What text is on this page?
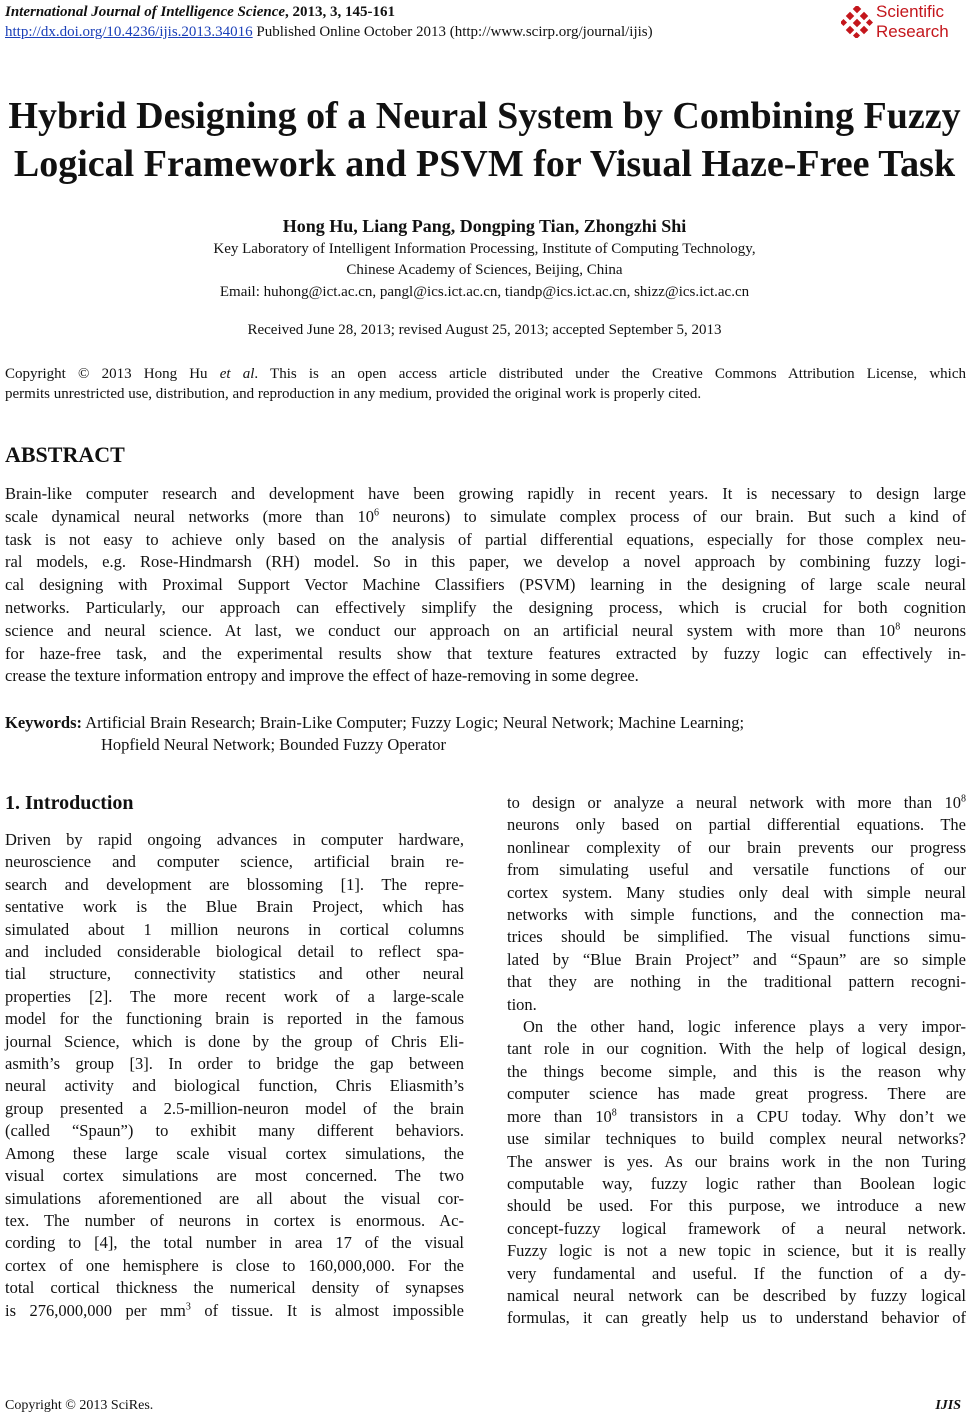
International Journal of Intelligence Science, 2013, 3, 145-161
http://dx.doi.org/10.4236/ijis.2013.34016 Published Online October 2013 (http://www.scirp.org/journal/ijis)
Scientific
Research
Hybrid Designing of a Neural System by Combining Fuzzy
Logical Framework and PSVM for Visual Haze-Free Task
Hong Hu, Liang Pang, Dongping Tian, Zhongzhi Shi
Key Laboratory of Intelligent Information Processing, Institute of Computing Technology,
Chinese Academy of Sciences, Beijing, China
Email: huhong@ict.ac.cn, pangl@ics.ict.ac.cn, tiandp@ics.ict.ac.cn, shizz@ics.ict.ac.cn
Received June 28, 2013; revised August 25, 2013; accepted September 5, 2013
Copyright © 2013 Hong Hu et al. This is an open access article distributed under the Creative Commons Attribution License, which
permits unrestricted use, distribution, and reproduction in any medium, provided the original work is properly cited.
ABSTRACT
Brain-like computer research and development have been growing rapidly in recent years. It is necessary to design large
scale dynamical neural networks (more than $10^6$ neurons) to simulate complex process of our brain. But such a kind of
task is not easy to achieve only based on the analysis of partial differential equations, especially for those complex neu-
ral models, e.g. Rose-Hindmarsh (RH) model. So in this paper, we develop a novel approach by combining fuzzy logi-
cal designing with Proximal Support Vector Machine Classifiers (PSVM) learning in the designing of large scale neural
networks. Particularly, our approach can effectively simplify the designing process, which is crucial for both cognition
science and neural science. At last, we conduct our approach on an artificial neural system with more than $10^8$ neurons
for haze-free task, and the experimental results show that texture features extracted by fuzzy logic can effectively in-
crease the texture information entropy and improve the effect of haze-removing in some degree.
Keywords: Artificial Brain Research; Brain-Like Computer; Fuzzy Logic; Neural Network; Machine Learning;
Hopfield Neural Network; Bounded Fuzzy Operator
1. Introduction
Driven by rapid ongoing advances in computer hardware,
neuroscience and computer science, artificial brain re-
search and development are blossoming [1]. The repre-
sentative work is the Blue Brain Project, which has
simulated about 1 million neurons in cortical columns
and included considerable biological detail to reflect spa-
tial structure, connectivity statistics and other neural
properties [2]. The more recent work of a large-scale
model for the functioning brain is reported in the famous
journal Science, which is done by the group of Chris Eli-
asmith’s group [3]. In order to bridge the gap between
neural activity and biological function, Chris Eliasmith’s
group presented a 2.5-million-neuron model of the brain
(called “Spaun”) to exhibit many different behaviors.
Among these large scale visual cortex simulations, the
visual cortex simulations are most concerned. The two
simulations aforementioned are all about the visual cor-
tex. The number of neurons in cortex is enormous. Ac-
cording to [4], the total number in area 17 of the visual
cortex of one hemisphere is close to 160,000,000. For the
total cortical thickness the numerical density of synapses
is 276,000,000 per $mm^3$ of tissue. It is almost impossible
to design or analyze a neural network with more than $10^8$
neurons only based on partial differential equations. The
nonlinear complexity of our brain prevents our progress
from simulating useful and versatile functions of our
cortex system. Many studies only deal with simple neural
networks with simple functions, and the connection ma-
trices should be simplified. The visual functions simu-
lated by “Blue Brain Project” and “Spaun” are so simple
that they are nothing in the traditional pattern recogni-
tion.
On the other hand, logic inference plays a very impor-
tant role in our cognition. With the help of logical design,
the things become simple, and this is the reason why
computer science has made great progress. There are
more than $10^8$ transistors in a CPU today. Why don’t we
use similar techniques to build complex neural networks?
The answer is yes. As our brains work in the non Turing
computable way, fuzzy logic rather than Boolean logic
should be used. For this purpose, we introduce a new
concept-fuzzy logical framework of a neural network.
Fuzzy logic is not a new topic in science, but it is really
very fundamental and useful. If the function of a dy-
namical neural network can be described by fuzzy logical
formulas, it can greatly help us to understand behavior of
Copyright © 2013 SciRes.	IJIS
